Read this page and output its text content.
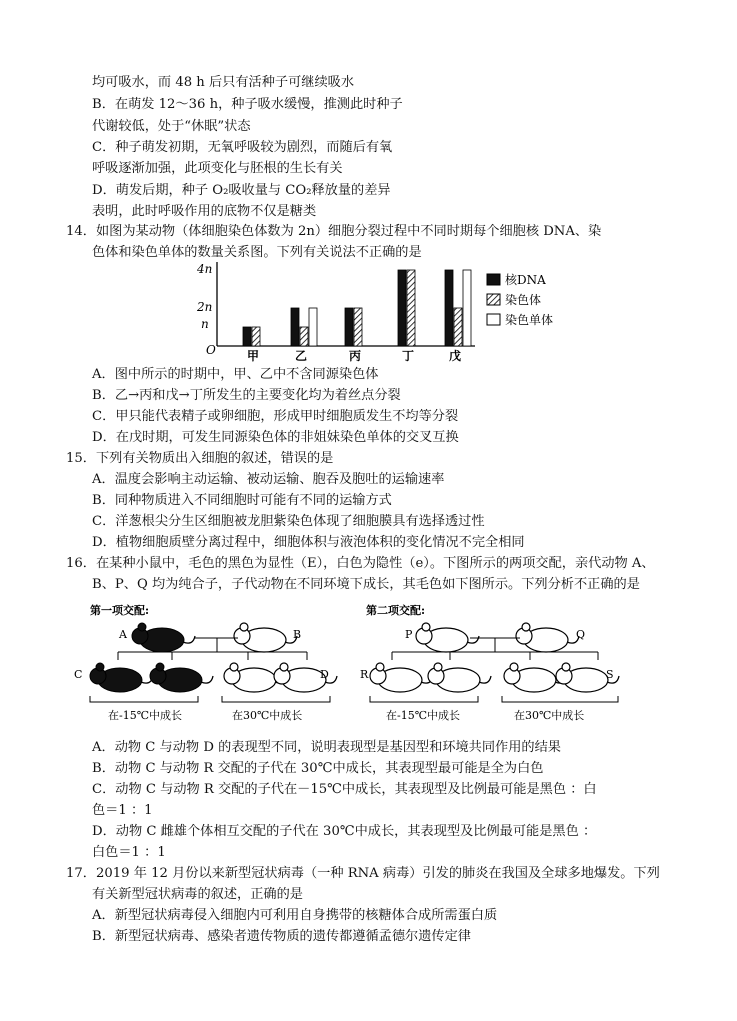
均可吸水，而 48 h 后只有活种子可继续吸水
B．在萌发 12～36 h，种子吸水缓慢，推测此时种子
代谢较低，处于“休眠”状态
C．种子萌发初期，无氧呼吸较为剧烈，而随后有氧
呼吸逐渐加强，此项变化与胚根的生长有关
D．萌发后期，种子 O₂吸收量与 CO₂释放量的差异
表明，此时呼吸作用的底物不仅是糖类
14．如图为某动物（体细胞染色体数为 2n）细胞分裂过程中不同时期每个细胞核 DNA、染
色体和染色单体的数量关系图。下列有关说法不正确的是
4n
2n
n
O	甲	乙	丙	丁	戊
核DNA
染色体
染色单体
A．图中所示的时期中，甲、乙中不含同源染色体
B．乙→丙和戊→丁所发生的主要变化均为着丝点分裂
C．甲只能代表精子或卵细胞，形成甲时细胞质发生不均等分裂
D．在戊时期，可发生同源染色体的非姐妹染色单体的交叉互换
15．下列有关物质出入细胞的叙述，错误的是
A．温度会影响主动运输、被动运输、胞吞及胞吐的运输速率
B．同种物质进入不同细胞时可能有不同的运输方式
C．洋葱根尖分生区细胞被龙胆紫染色体现了细胞膜具有选择透过性
D．植物细胞质壁分离过程中，细胞体积与液泡体积的变化情况不完全相同
16．在某种小鼠中，毛色的黑色为显性（E），白色为隐性（e）。下图所示的两项交配，亲代动物 A、
B、P、Q 均为纯合子，子代动物在不同环境下成长，其毛色如下图所示。下列分析不正确的是
第一项交配:
A	B
C	D
在-15℃中成长	在30℃中成长
第二项交配:
P	Q
R	S
在-15℃中成长	在30℃中成长
A．动物 C 与动物 D 的表现型不同，说明表现型是基因型和环境共同作用的结果
B．动物 C 与动物 R 交配的子代在 30℃中成长，其表现型最可能是全为白色
C．动物 C 与动物 R 交配的子代在－15℃中成长，其表现型及比例最可能是黑色 ：白
色＝1 ：1
D．动物 C 雌雄个体相互交配的子代在 30℃中成长，其表现型及比例最可能是黑色 ：
白色＝1 ：1
17．2019 年 12 月份以来新型冠状病毒（一种 RNA 病毒）引发的肺炎在我国及全球多地爆发。下列
有关新型冠状病毒的叙述，正确的是
A．新型冠状病毒侵入细胞内可利用自身携带的核糖体合成所需蛋白质
B．新型冠状病毒、感染者遗传物质的遗传都遵循孟德尔遗传定律
